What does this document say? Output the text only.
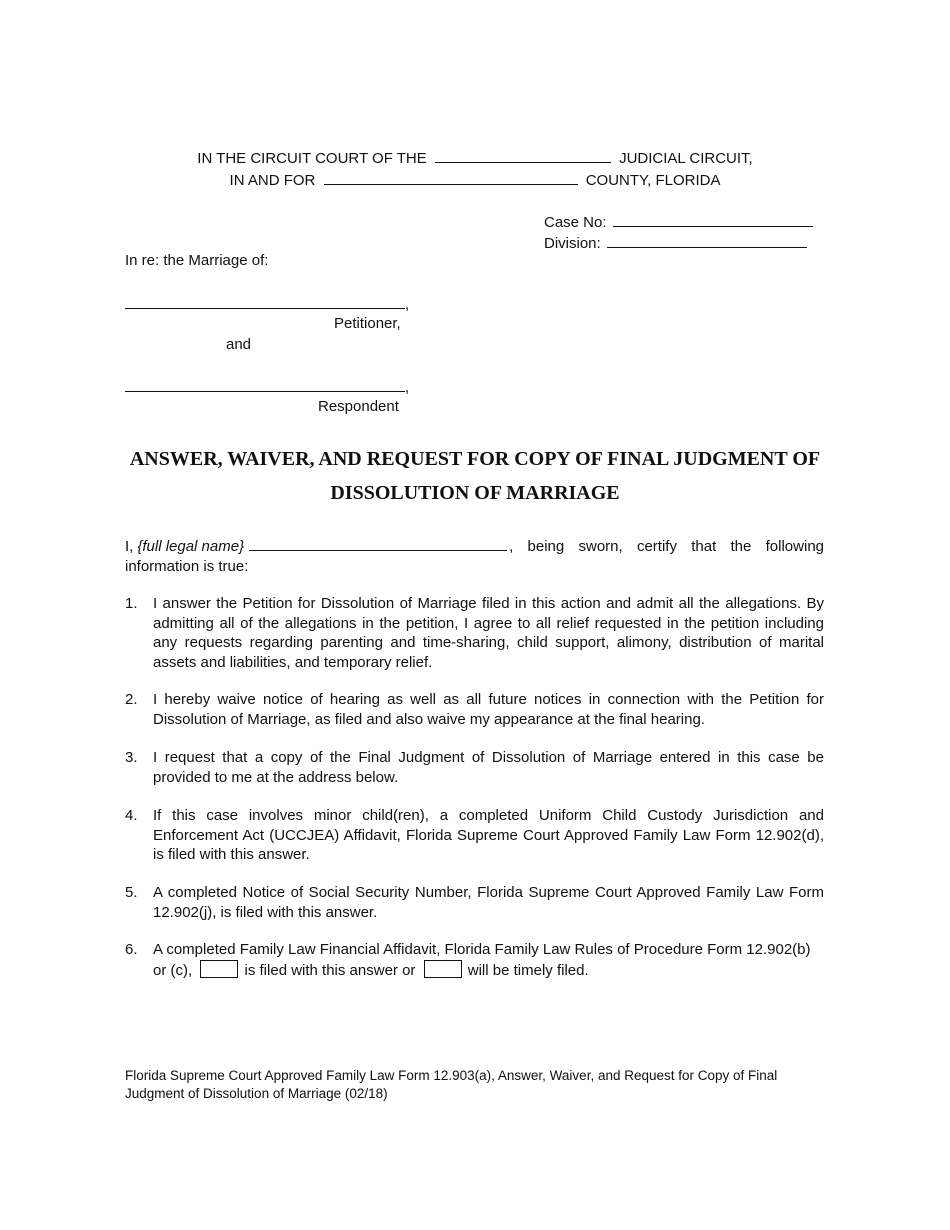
IN THE CIRCUIT COURT OF THE	JUDICIAL CIRCUIT,
IN AND FOR	COUNTY, FLORIDA
Case No:
Division:
In re: the Marriage of:
,
Petitioner,
and
,
Respondent
ANSWER, WAIVER, AND REQUEST FOR COPY OF FINAL JUDGMENT OF
DISSOLUTION OF MARRIAGE
I, {full legal name}	, being sworn, certify that the following
information is true:
1.	I answer the Petition for Dissolution of Marriage filed in this action and admit all the allegations. By admitting all of the allegations in the petition, I agree to all relief requested in the petition including any requests regarding parenting and time-sharing, child support, alimony, distribution of marital assets and liabilities, and temporary relief.
2.	I hereby waive notice of hearing as well as all future notices in connection with the Petition for Dissolution of Marriage, as filed and also waive my appearance at the final hearing.
3.	I request that a copy of the Final Judgment of Dissolution of Marriage entered in this case be provided to me at the address below.
4.	If this case involves minor child(ren), a completed Uniform Child Custody Jurisdiction and Enforcement Act (UCCJEA) Affidavit, Florida Supreme Court Approved Family Law Form 12.902(d), is filed with this answer.
5.	A completed Notice of Social Security Number, Florida Supreme Court Approved Family Law Form 12.902(j), is filed with this answer.
6.	A completed Family Law Financial Affidavit, Florida Family Law Rules of Procedure Form 12.902(b)
or (c),	is filed with this answer or	will be timely filed.
Florida Supreme Court Approved Family Law Form 12.903(a), Answer, Waiver, and Request for Copy of Final
Judgment of Dissolution of Marriage (02/18)
